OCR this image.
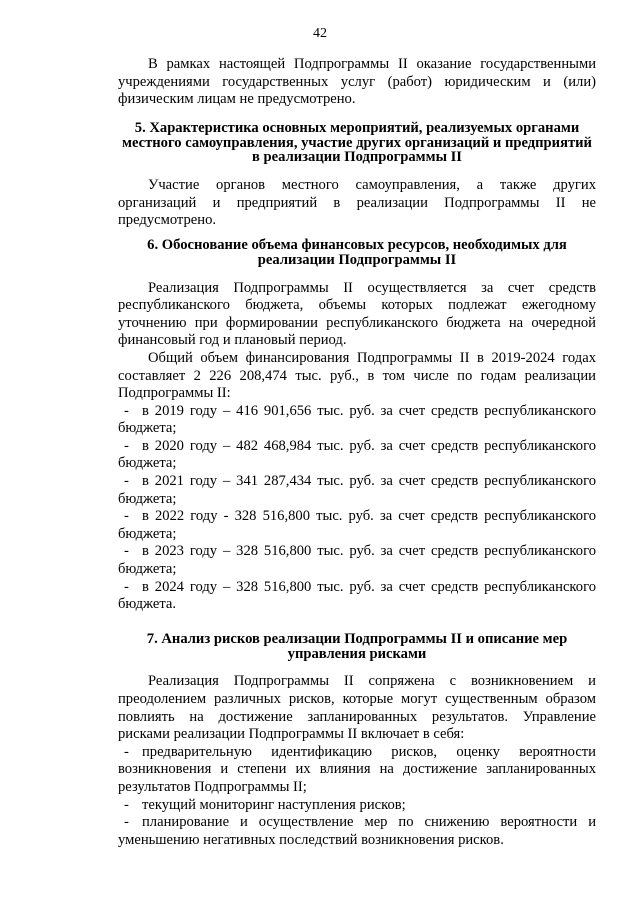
42

В рамках настоящей Подпрограммы II оказание государственными учреждениями государственных услуг (работ) юридическим и (или) физическим лицам не предусмотрено.

5. Характеристика основных мероприятий, реализуемых органами местного самоуправления, участие других организаций и предприятий в реализации Подпрограммы II

Участие органов местного самоуправления, а также других организаций и предприятий в реализации Подпрограммы II не предусмотрено.

6. Обоснование объема финансовых ресурсов, необходимых для реализации Подпрограммы II

Реализация Подпрограммы II осуществляется за счет средств республиканского бюджета, объемы которых подлежат ежегодному уточнению при формировании республиканского бюджета на очередной финансовый год и плановый период.

Общий объем финансирования Подпрограммы II в 2019-2024 годах составляет 2 226 208,474 тыс. руб., в том числе по годам реализации Подпрограммы II:

- в 2019 году – 416 901,656 тыс. руб. за счет средств республиканского бюджета;

- в 2020 году – 482 468,984 тыс. руб. за счет средств республиканского бюджета;

- в 2021 году – 341 287,434 тыс. руб. за счет средств республиканского бюджета;

- в 2022 году - 328 516,800 тыс. руб. за счет средств республиканского бюджета;

- в 2023 году – 328 516,800 тыс. руб. за счет средств республиканского бюджета;

- в 2024 году – 328 516,800 тыс. руб. за счет средств республиканского бюджета.

7. Анализ рисков реализации Подпрограммы II и описание мер управления рисками

Реализация Подпрограммы II сопряжена с возникновением и преодолением различных рисков, которые могут существенным образом повлиять на достижение запланированных результатов. Управление рисками реализации Подпрограммы II включает в себя:

- предварительную идентификацию рисков, оценку вероятности возникновения и степени их влияния на достижение запланированных результатов Подпрограммы II;

- текущий мониторинг наступления рисков;

- планирование и осуществление мер по снижению вероятности и уменьшению негативных последствий возникновения рисков.
